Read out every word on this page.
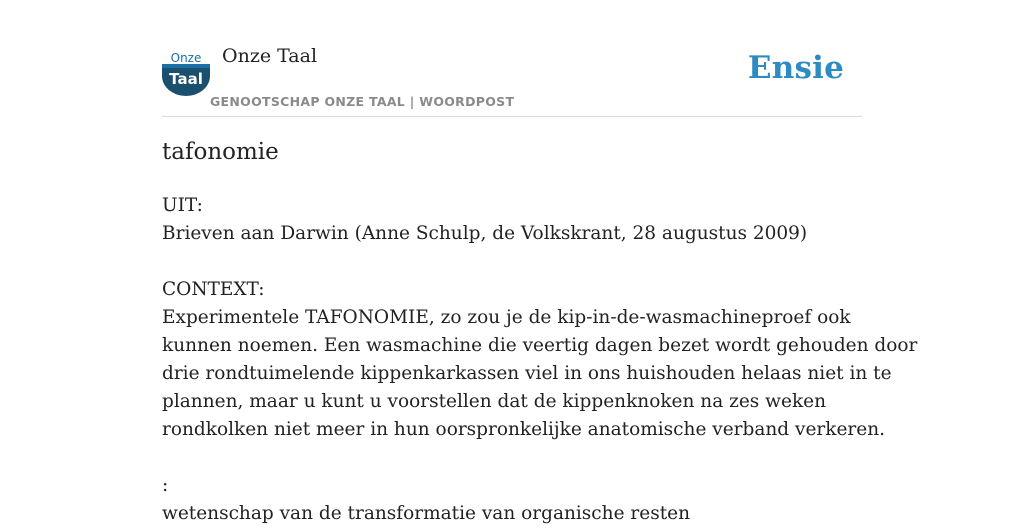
Onze
Taal
Onze Taal
GENOOTSCHAP ONZE TAAL | WOORDPOST
Ensie
tafonomie

UIT:

Brieven aan Darwin (Anne Schulp, de Volkskrant, 28 augustus 2009)

CONTEXT:

Experimentele TAFONOMIE, zo zou je de kip-in-de-wasmachineproef ook

kunnen noemen. Een wasmachine die veertig dagen bezet wordt gehouden door

drie rondtuimelende kippenkarkassen viel in ons huishouden helaas niet in te

plannen, maar u kunt u voorstellen dat de kippenknoken na zes weken

rondkolken niet meer in hun oorspronkelijke anatomische verband verkeren.

:

wetenschap van de transformatie van organische resten
